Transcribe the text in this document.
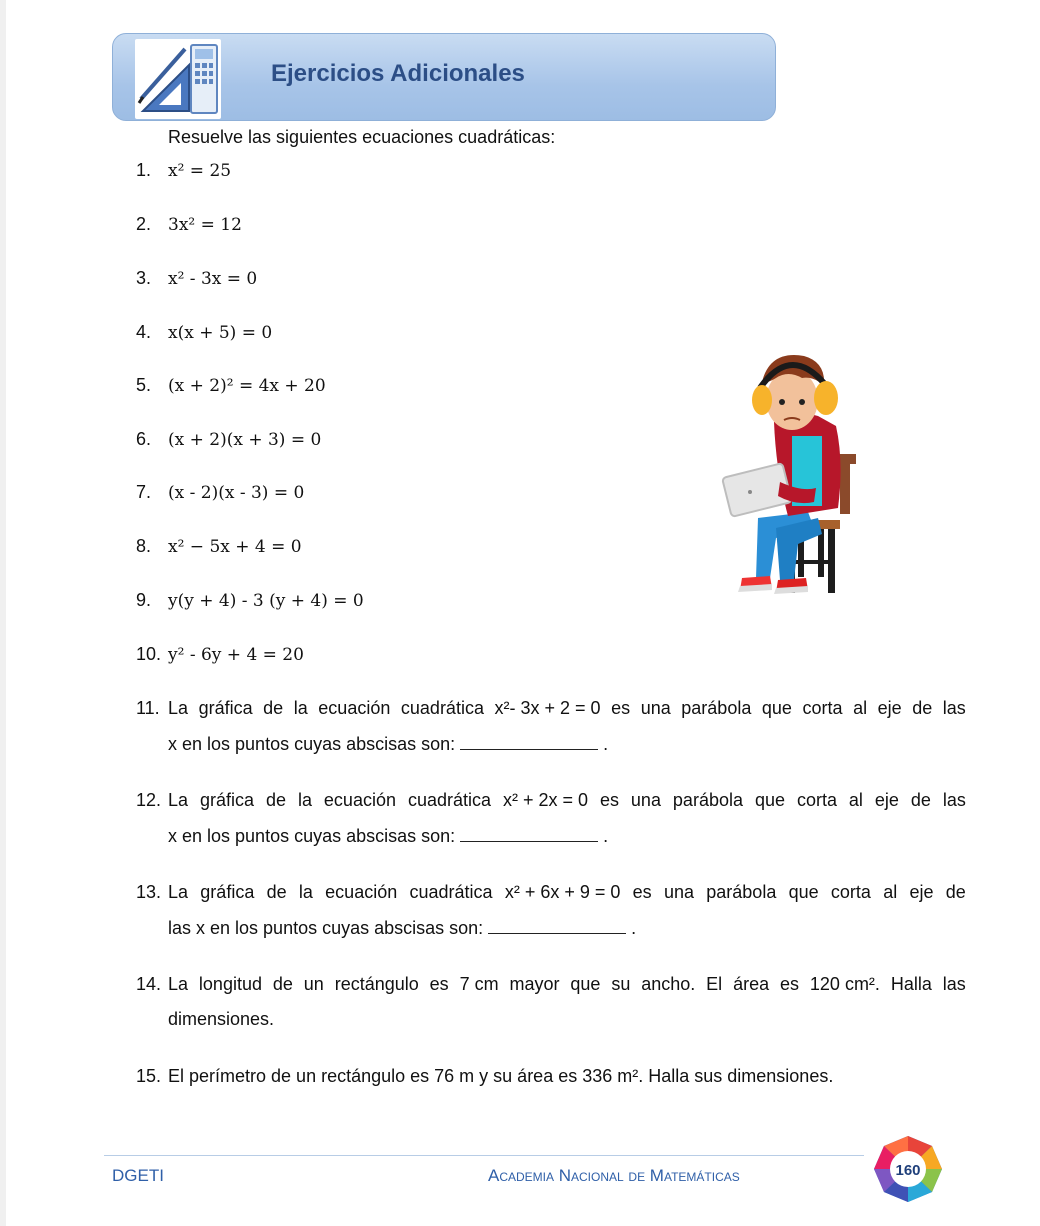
Ejercicios Adicionales
Resuelve las siguientes ecuaciones cuadráticas:
1. x² = 25
2. 3x² = 12
3. x² - 3x = 0
4. x(x + 5) = 0
5. (x + 2)² = 4x + 20
6. (x + 2)(x + 3) = 0
7. (x - 2)(x - 3) = 0
8. x² − 5x + 4 = 0
9. y(y + 4) - 3 (y + 4) = 0
10. y² - 6y + 4 = 20
11. La gráfica de la ecuación cuadrática x²- 3x + 2 = 0 es una parábola que corta al eje de las
x en los puntos cuyas abscisas son:	.
12. La gráfica de la ecuación cuadrática x² + 2x = 0 es una parábola que corta al eje de las
x en los puntos cuyas abscisas son:	.
13. La gráfica de la ecuación cuadrática x² + 6x + 9 = 0 es una parábola que corta al eje de
las x en los puntos cuyas abscisas son:	.
14. La longitud de un rectángulo es 7 cm mayor que su ancho. El área es 120 cm². Halla las
dimensiones.
15. El perímetro de un rectángulo es 76 m y su área es 336 m². Halla sus dimensiones.
DGETI	Academia Nacional de Matemáticas	160
